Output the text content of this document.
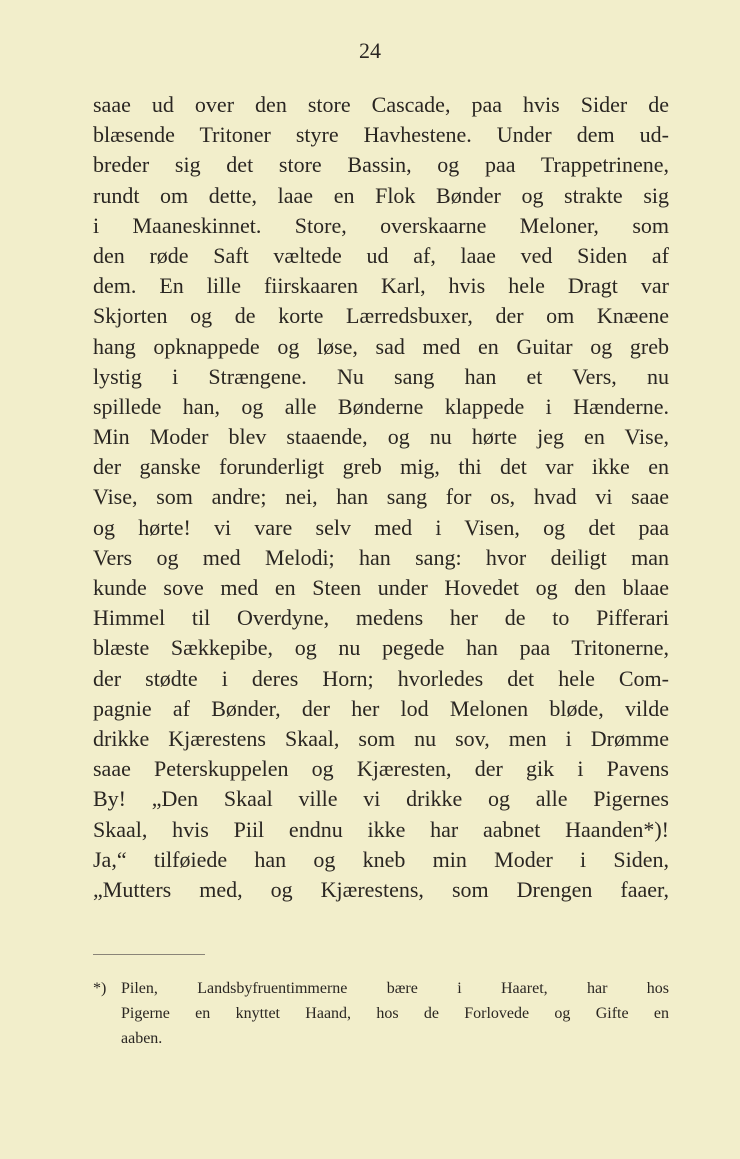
24
saae ud over den store Cascade, paa hvis Sider de
blæsende Tritoner styre Havhestene. Under dem ud-
breder sig det store Bassin, og paa Trappetrinene,
rundt om dette, laae en Flok Bønder og strakte sig
i Maaneskinnet. Store, overskaarne Meloner, som
den røde Saft væltede ud af, laae ved Siden af
dem. En lille fiirskaaren Karl, hvis hele Dragt var
Skjorten og de korte Lærredsbuxer, der om Knæene
hang opknappede og løse, sad med en Guitar og greb
lystig i Strængene. Nu sang han et Vers, nu
spillede han, og alle Bønderne klappede i Hænderne.
Min Moder blev staaende, og nu hørte jeg en Vise,
der ganske forunderligt greb mig, thi det var ikke en
Vise, som andre; nei, han sang for os, hvad vi saae
og hørte! vi vare selv med i Visen, og det paa
Vers og med Melodi; han sang: hvor deiligt man
kunde sove med en Steen under Hovedet og den blaae
Himmel til Overdyne, medens her de to Pifferari
blæste Sækkepibe, og nu pegede han paa Tritonerne,
der stødte i deres Horn; hvorledes det hele Com-
pagnie af Bønder, der her lod Melonen bløde, vilde
drikke Kjærestens Skaal, som nu sov, men i Drømme
saae Peterskuppelen og Kjæresten, der gik i Pavens
By! „Den Skaal ville vi drikke og alle Pigernes
Skaal, hvis Piil endnu ikke har aabnet Haanden*)!
Ja,“ tilføiede han og kneb min Moder i Siden,
„Mutters med, og Kjærestens, som Drengen faaer,
*) Pilen, Landsbyfruentimmerne bære i Haaret, har hos
Pigerne en knyttet Haand, hos de Forlovede og Gifte en
aaben.
